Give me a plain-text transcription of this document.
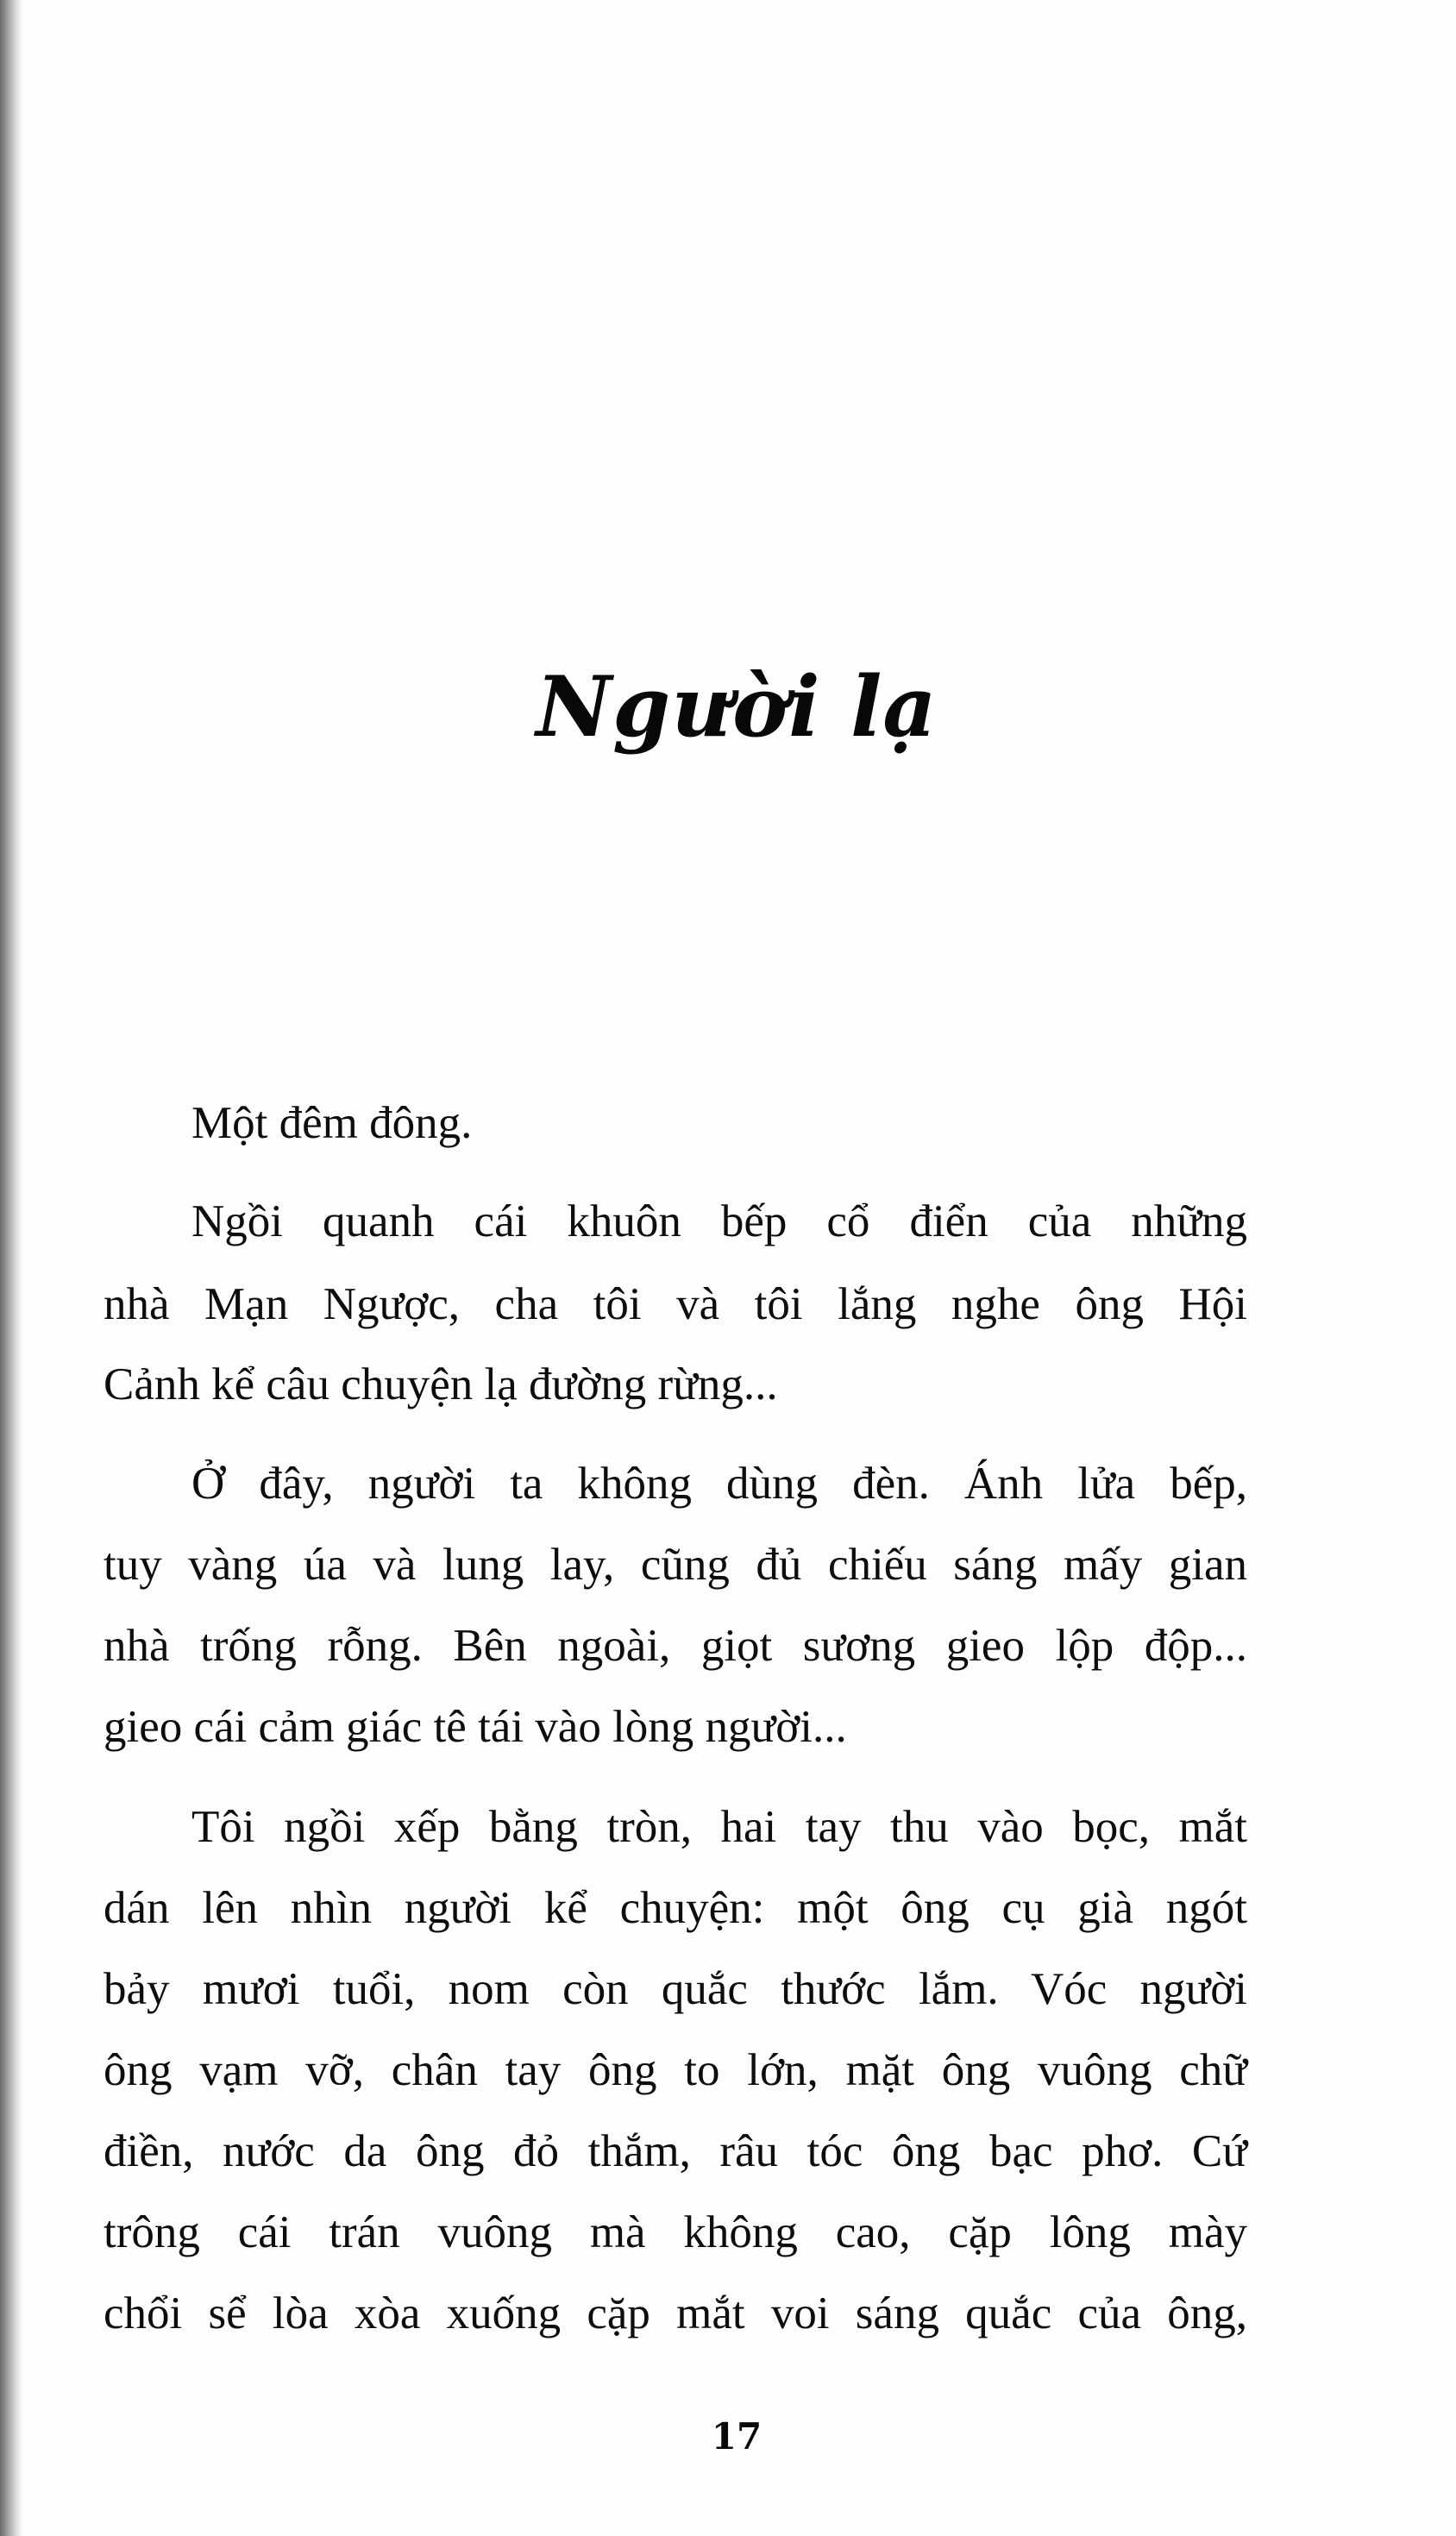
Người lạ
Một đêm đông.
Ngồi quanh cái khuôn bếp cổ điển của những
nhà Mạn Ngược, cha tôi và tôi lắng nghe ông Hội
Cảnh kể câu chuyện lạ đường rừng...
Ở đây, người ta không dùng đèn. Ánh lửa bếp,
tuy vàng úa và lung lay, cũng đủ chiếu sáng mấy gian
nhà trống rỗng. Bên ngoài, giọt sương gieo lộp độp...
gieo cái cảm giác tê tái vào lòng người...
Tôi ngồi xếp bằng tròn, hai tay thu vào bọc, mắt
dán lên nhìn người kể chuyện: một ông cụ già ngót
bảy mươi tuổi, nom còn quắc thước lắm. Vóc người
ông vạm vỡ, chân tay ông to lớn, mặt ông vuông chữ
điền, nước da ông đỏ thắm, râu tóc ông bạc phơ. Cứ
trông cái trán vuông mà không cao, cặp lông mày
chổi sể lòa xòa xuống cặp mắt voi sáng quắc của ông,
17
